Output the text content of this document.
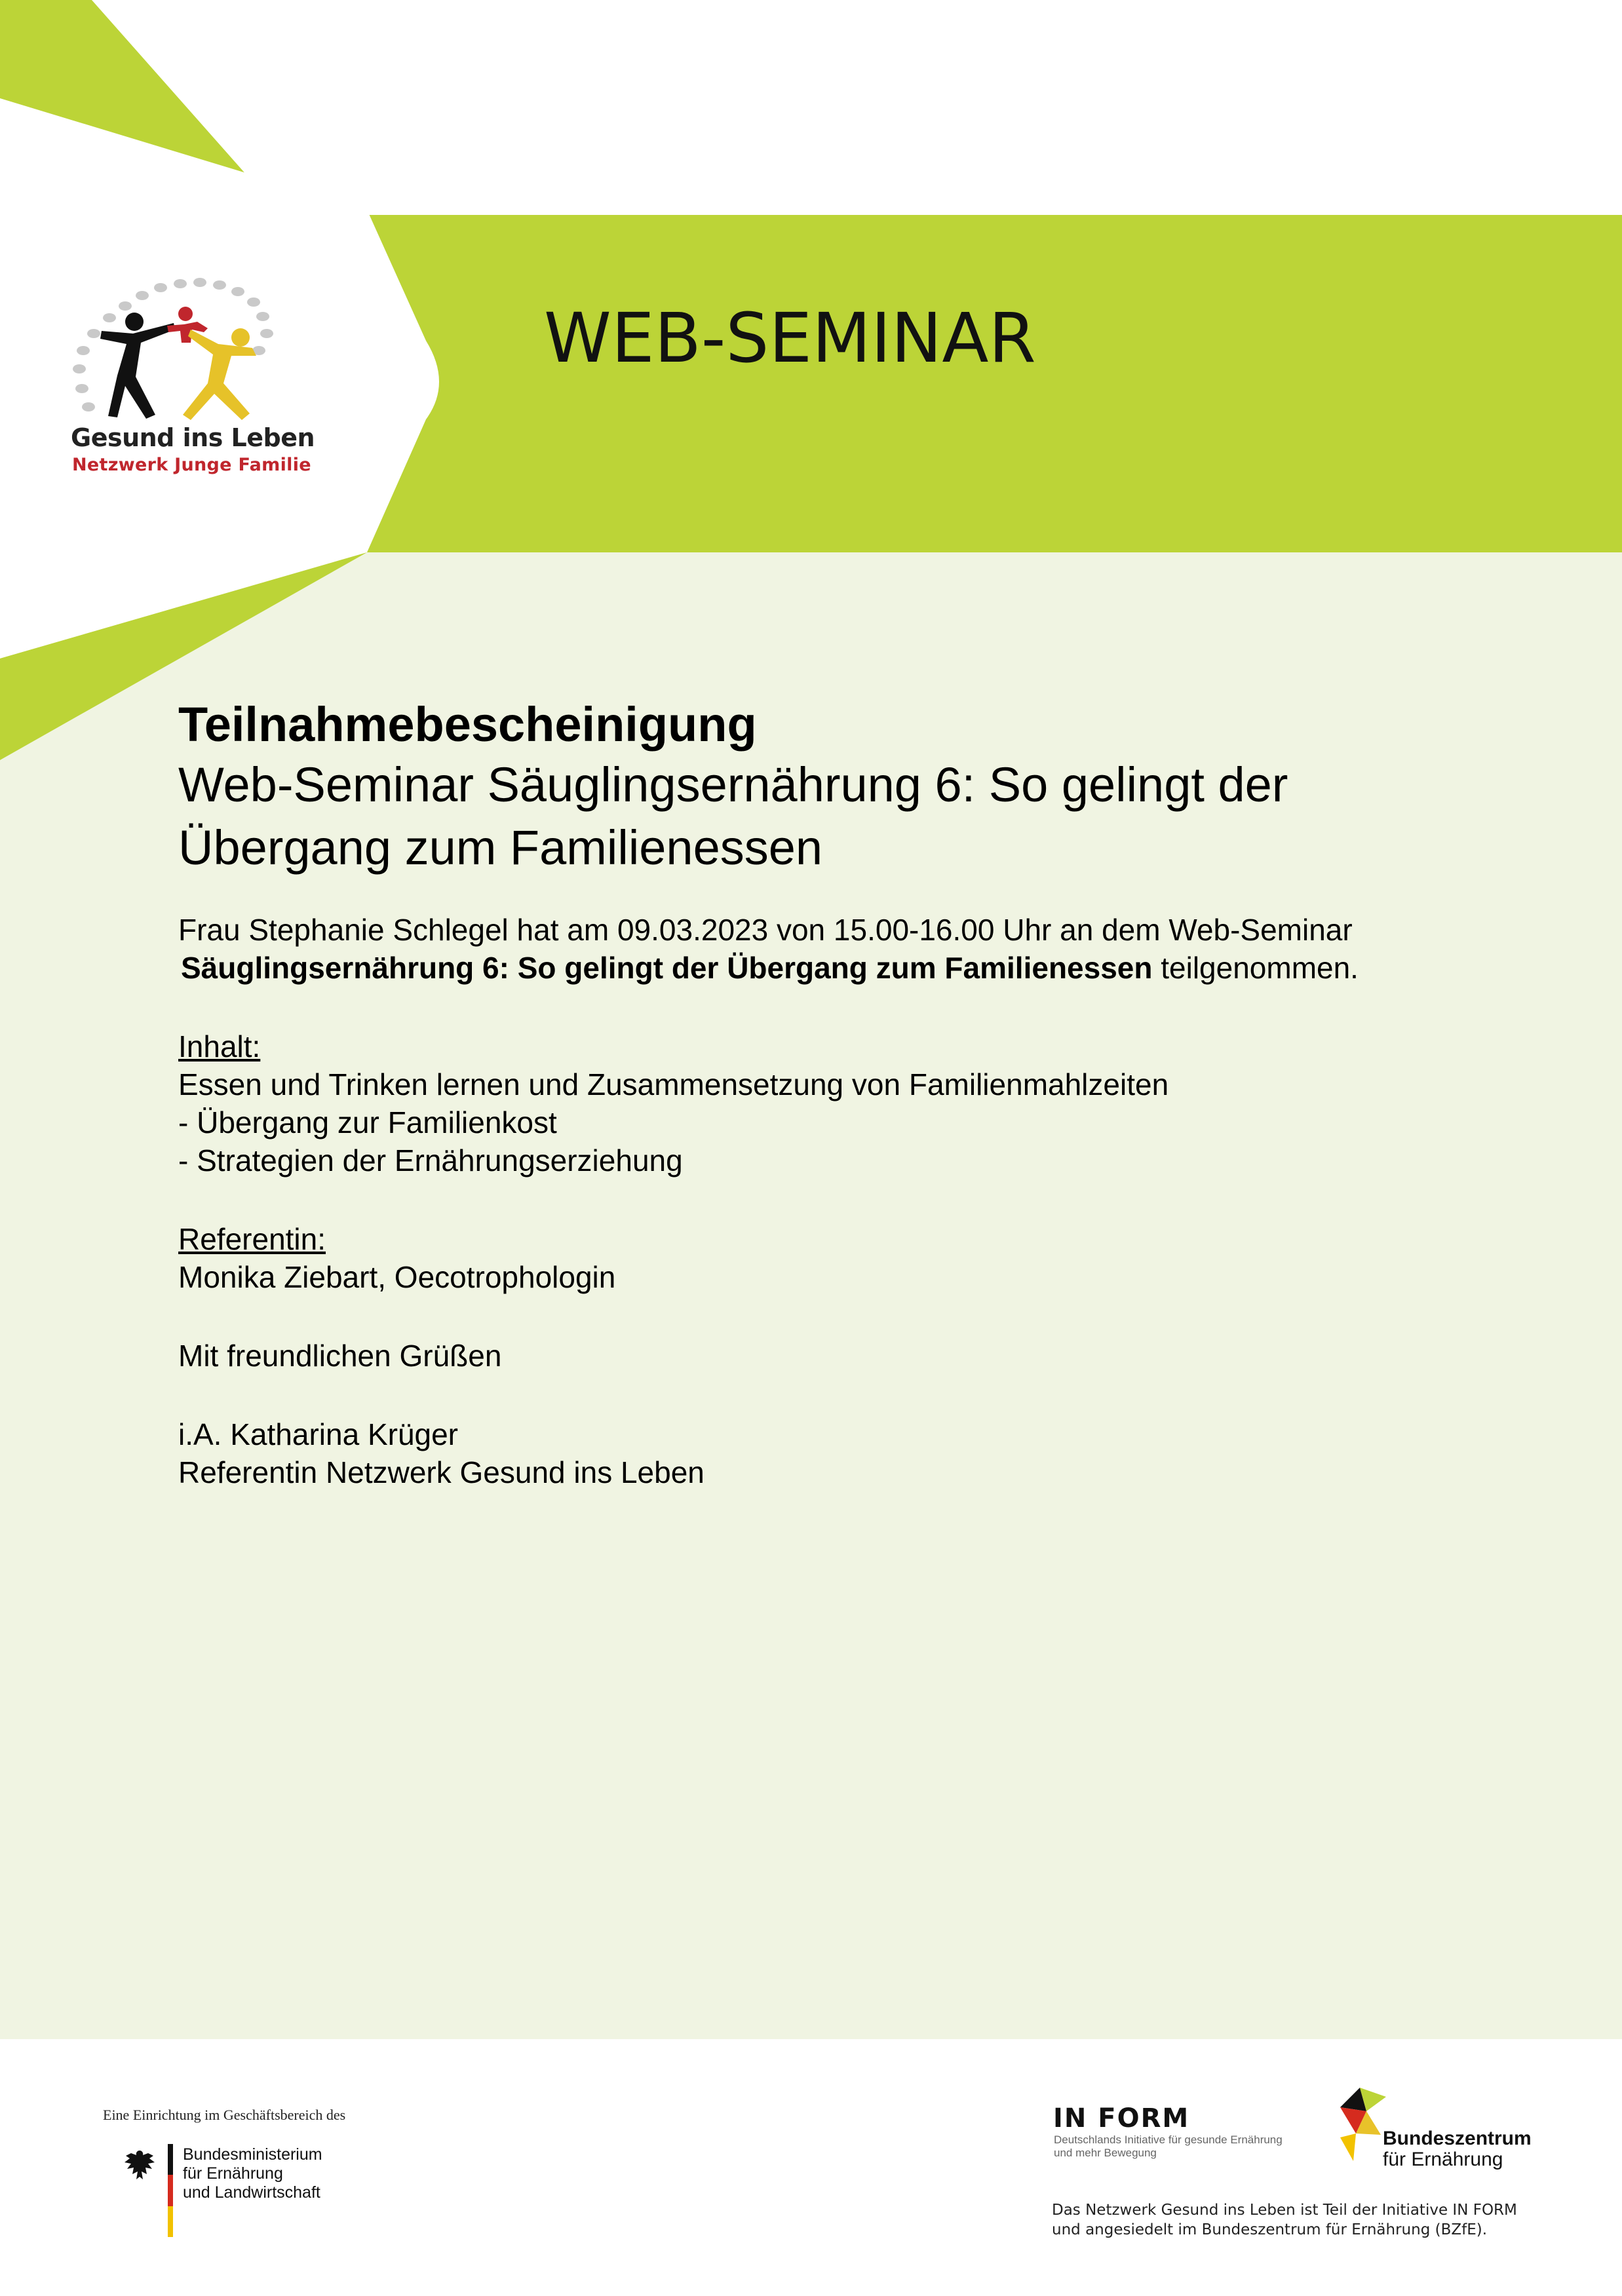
Gesund ins Leben
Netzwerk Junge Familie
WEB-SEMINAR

Teilnahmebescheinigung

Web-Seminar Säuglingsernährung 6: So gelingt der

Übergang zum Familienessen

Frau Stephanie Schlegel hat am 09.03.2023 von 15.00-16.00 Uhr an dem Web-Seminar

Säuglingsernährung 6: So gelingt der Übergang zum Familienessen teilgenommen.

Inhalt:

Essen und Trinken lernen und Zusammensetzung von Familienmahlzeiten

- Übergang zur Familienkost

- Strategien der Ernährungserziehung

Referentin:

Monika Ziebart, Oecotrophologin

Mit freundlichen Grüßen

i.A. Katharina Krüger

Referentin Netzwerk Gesund ins Leben

Eine Einrichtung im Geschäftsbereich des
Bundesministerium
für Ernährung
und Landwirtschaft
IN FORM
Deutschlands Initiative für gesunde Ernährung
und mehr Bewegung
Bundeszentrum
für Ernährung
Das Netzwerk Gesund ins Leben ist Teil der Initiative IN FORM
und angesiedelt im Bundeszentrum für Ernährung (BZfE).
